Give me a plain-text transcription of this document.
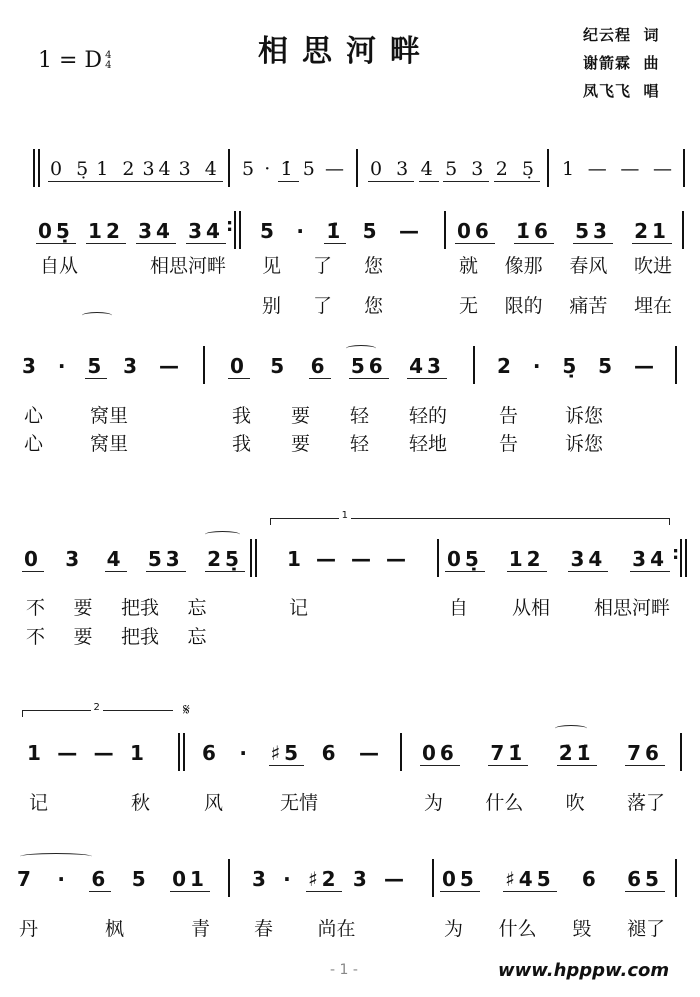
1 = D 4
4	相思河畔	纪云程  词
谢箭霖  曲
凤飞飞  唱
1
2	𝄋
0 5̣ 1 2 34 3 4 5 · 1̇ 5 — 0 3 4 5 3 2 5̣ 1 — — —
05̣ 12 34 34 5 · 1̇ 5 — 06 1̇6 53 21
:
自从	相思河畔 见 了 您
	就 像那 春风 吹进
别 了 您
	无 限的 痛苦 埋在
3 · 5 3 — 0 5 6 56 43	2 · 5̣ 5 —
心 窝里
	我 要 轻 轻的	告 诉您

心 窝里
	我 要 轻 轻地	告 诉您

0 3 4 53 25̣ 1 — — — 05̣ 12 34 34
:
不 要 把我 忘
	记
	自 从相 相思河畔
不 要 把我 忘

1 — — 1	6 · ♯5 6 — 06 71̇ 2̇1̇ 76
记	秋	风	无情
	为 什么 吹 落了
7 · 6 5 01 3 · ♯2 3 — 05 ♯45 6 65
丹	枫	青 春 尚在
	为 什么 毁 褪了
- 1 -	www.hpppw.com
